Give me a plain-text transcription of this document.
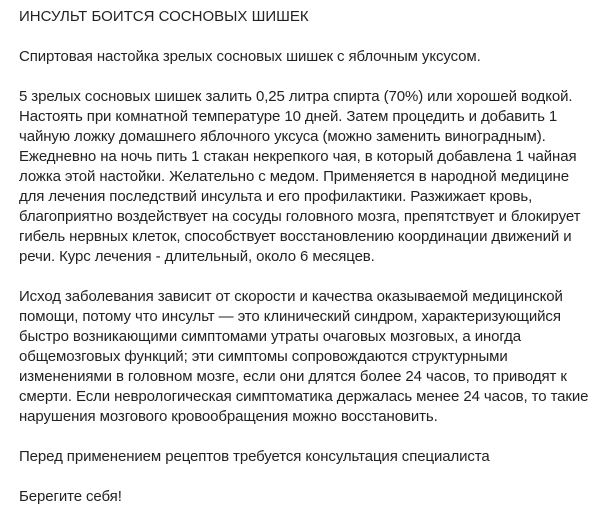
ИНСУЛЬТ БОИТСЯ СОСНОВЫХ ШИШЕК

Спиртовая настойка зрелых сосновых шишек с яблочным уксусом.

5 зрелых сосновых шишек залить 0,25 литра спирта (70%) или хорошей водкой. Настоять при комнатной температуре 10 дней. Затем процедить и добавить 1 чайную ложку домашнего яблочного уксуса (можно заменить виноградным). Ежедневно на ночь пить 1 стакан некрепкого чая, в который добавлена 1 чайная ложка этой настойки. Желательно с медом. Применяется в народной медицине для лечения последствий инсульта и его профилактики. Разжижает кровь, благоприятно воздействует на сосуды головного мозга, препятствует и блокирует гибель нервных клеток, способствует восстановлению координации движений и речи. Курс лечения - длительный, около 6 месяцев.

Исход заболевания зависит от скорости и качества оказываемой медицинской помощи, потому что инсульт — это клинический синдром, характеризующийся быстро возникающими симптомами утраты очаговых мозговых, а иногда общемозговых функций; эти симптомы сопровождаются структурными изменениями в головном мозге, если они длятся более 24 часов, то приводят к смерти. Если неврологическая симптоматика держалась менее 24 часов, то такие нарушения мозгового кровообращения можно восстановить.

Перед применением рецептов требуется консультация специалиста

Берегите себя!
